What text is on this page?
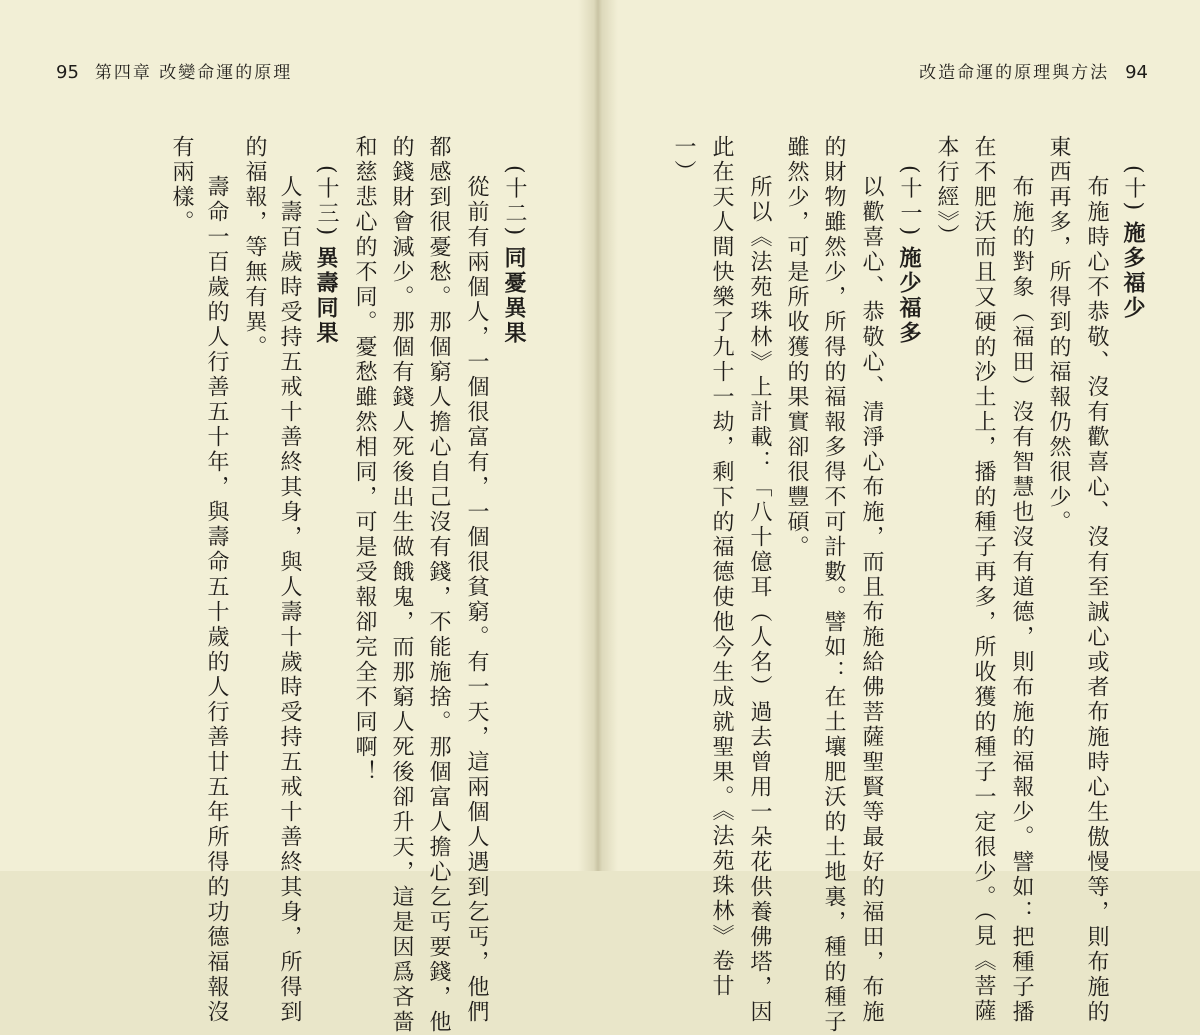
95 第四章 改變命運的原理	改造命運的原理與方法 94
有兩樣。 壽命一百歲的人行善五十年，與壽命五十歲的人行善廿五年所得的功德福報沒 的福報，等無有異。 人壽百歲時受持五戒十善終其身，與人壽十歲時受持五戒十善終其身，所得到 (十三)異壽同果 和慈悲心的不同。憂愁雖然相同，可是受報卻完全不同啊！ 的錢財會減少。那個有錢人死後出生做餓鬼，而那窮人死後卻升天，這是因爲吝嗇 都感到很憂愁。那個窮人擔心自己沒有錢，不能施捨。那個富人擔心乞丐要錢，他 從前有兩個人，一個很富有，一個很貧窮。有一天，這兩個人遇到乞丐，他們 (十二)同憂異果
一） 此在天人間快樂了九十一劫，剩下的福德使他今生成就聖果。《法苑珠林》卷廿 所以《法苑珠林》上計載：「八十億耳（人名）過去曾用一朵花供養佛塔，因 雖然少，可是所收獲的果實卻很豐碩。 的財物雖然少，所得的福報多得不可計數。譬如：在土壤肥沃的土地裏，種的種子 以歡喜心、恭敬心、清淨心布施，而且布施給佛菩薩聖賢等最好的福田，布施 (十一)施少福多
本行經》） 在不肥沃而且又硬的沙土上，播的種子再多，所收獲的種子一定很少。（見《菩薩 布施的對象（福田）沒有智慧也沒有道德，則布施的福報少。譬如：把種子播 東西再多，所得到的福報仍然很少。 布施時心不恭敬、沒有歡喜心、沒有至誠心或者布施時心生傲慢等，則布施的 (十)施多福少
